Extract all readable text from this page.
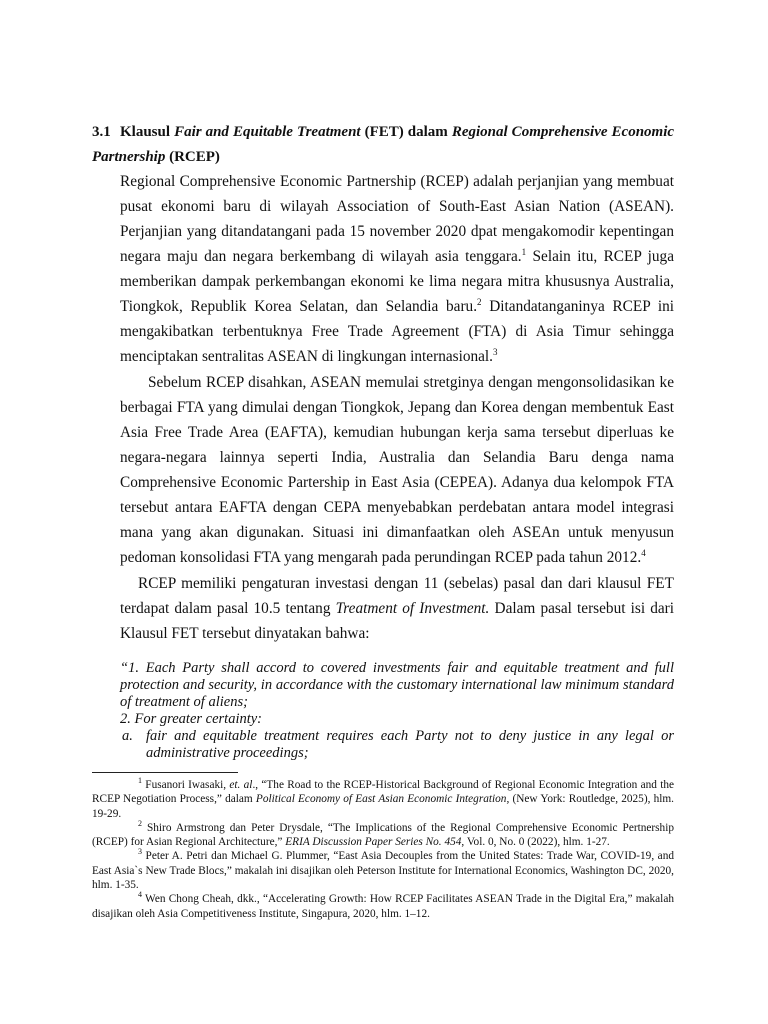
3.1 Klausul Fair and Equitable Treatment (FET) dalam Regional Comprehensive Economic Partnership (RCEP)
Regional Comprehensive Economic Partnership (RCEP) adalah perjanjian yang membuat pusat ekonomi baru di wilayah Association of South-East Asian Nation (ASEAN). Perjanjian yang ditandatangani pada 15 november 2020 dpat mengakomodir kepentingan negara maju dan negara berkembang di wilayah asia tenggara.$^1$ Selain itu, RCEP juga memberikan dampak perkembangan ekonomi ke lima negara mitra khususnya Australia, Tiongkok, Republik Korea Selatan, dan Selandia baru.$^2$ Ditandatanganinya RCEP ini mengakibatkan terbentuknya Free Trade Agreement (FTA) di Asia Timur sehingga menciptakan sentralitas ASEAN di lingkungan internasional.$^3$
Sebelum RCEP disahkan, ASEAN memulai stretginya dengan mengonsolidasikan ke berbagai FTA yang dimulai dengan Tiongkok, Jepang dan Korea dengan membentuk East Asia Free Trade Area (EAFTA), kemudian hubungan kerja sama tersebut diperluas ke negara-negara lainnya seperti India, Australia dan Selandia Baru denga nama Comprehensive Economic Partership in East Asia (CEPEA). Adanya dua kelompok FTA tersebut antara EAFTA dengan CEPA menyebabkan perdebatan antara model integrasi mana yang akan digunakan. Situasi ini dimanfaatkan oleh ASEAn untuk menyusun pedoman konsolidasi FTA yang mengarah pada perundingan RCEP pada tahun 2012.$^4$
RCEP memiliki pengaturan investasi dengan 11 (sebelas) pasal dan dari klausul FET terdapat dalam pasal 10.5 tentang Treatment of Investment. Dalam pasal tersebut isi dari Klausul FET tersebut dinyatakan bahwa:
“1. Each Party shall accord to covered investments fair and equitable treatment and full protection and security, in accordance with the customary international law minimum standard of treatment of aliens;
2. For greater certainty:
a. fair and equitable treatment requires each Party not to deny justice in any legal or administrative proceedings;
$^1$ Fusanori Iwasaki, et. al., “The Road to the RCEP-Historical Background of Regional Economic Integration and the RCEP Negotiation Process,” dalam Political Economy of East Asian Economic Integration, (New York: Routledge, 2025), hlm. 19-29.
$^2$ Shiro Armstrong dan Peter Drysdale, “The Implications of the Regional Comprehensive Economic Pertnership (RCEP) for Asian Regional Architecture,” ERIA Discussion Paper Series No. 454, Vol. 0, No. 0 (2022), hlm. 1-27.
$^3$ Peter A. Petri dan Michael G. Plummer, “East Asia Decouples from the United States: Trade War, COVID-19, and East Asia`s New Trade Blocs,” makalah ini disajikan oleh Peterson Institute for International Economics, Washington DC, 2020, hlm. 1-35.
$^4$ Wen Chong Cheah, dkk., “Accelerating Growth: How RCEP Facilitates ASEAN Trade in the Digital Era,” makalah disajikan oleh Asia Competitiveness Institute, Singapura, 2020, hlm. 1–12.
